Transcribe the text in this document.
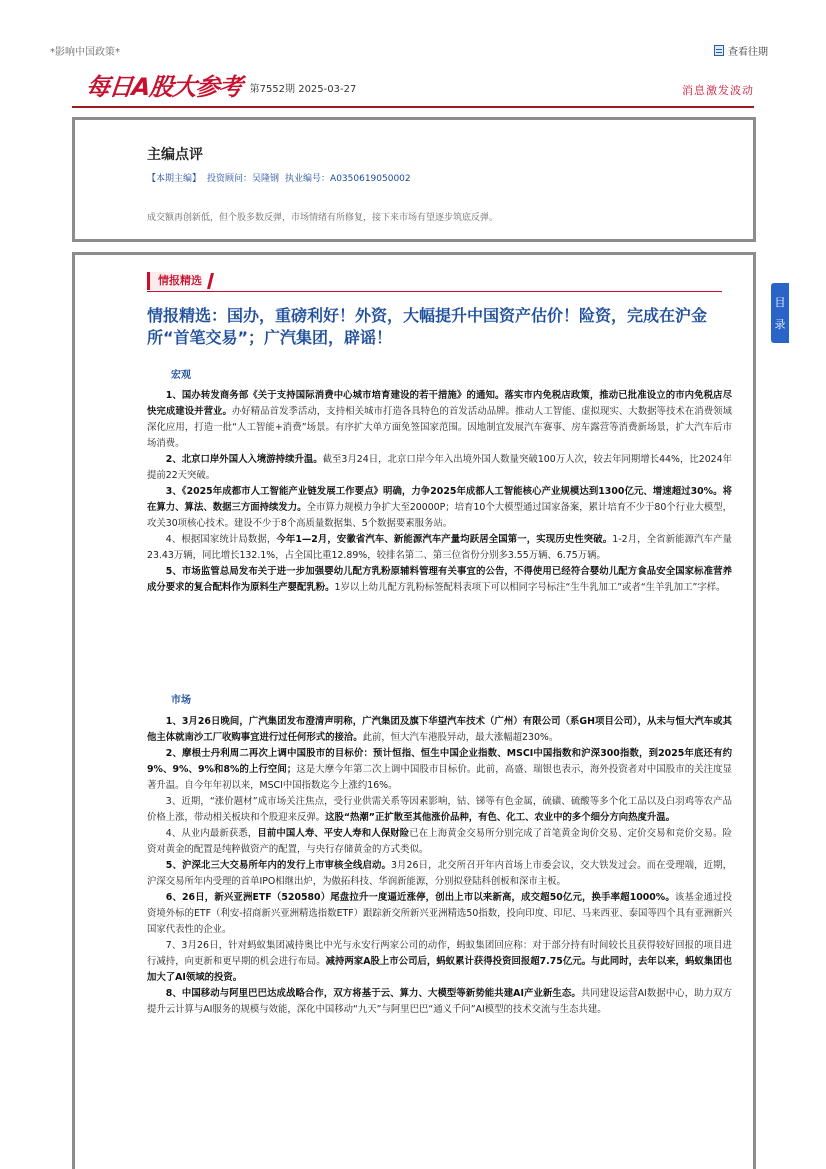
*影响中国政策*	查看往期
每日A股大参考 第7552期 2025-03-27	消息激发波动
主编点评
【本期主编】 投资顾问：吴隆钢 执业编号：A0350619050002
成交额再创新低，但个股多数反弹，市场情绪有所修复，接下来市场有望逐步筑底反弹。
情报精选
情报精选：国办，重磅利好！外资，大幅提升中国资产估价！险资，完成在沪金所“首笔交易”；广汽集团，辟谣！
宏观
1、国办转发商务部《关于支持国际消费中心城市培育建设的若干措施》的通知。落实市内免税店政策，推动已批准设立的市内免税店尽快完成建设并营业。办好精品首发季活动，支持相关城市打造各具特色的首发活动品牌。推动人工智能、虚拟现实、大数据等技术在消费领域深化应用，打造一批“人工智能+消费”场景。有序扩大单方面免签国家范围。因地制宜发展汽车赛事、房车露营等消费新场景，扩大汽车后市场消费。
2、北京口岸外国人入境游持续升温。截至3月24日，北京口岸今年入出境外国人数量突破100万人次，较去年同期增长44%，比2024年提前22天突破。
3、《2025年成都市人工智能产业链发展工作要点》明确，力争2025年成都人工智能核心产业规模达到1300亿元、增速超过30%。将在算力、算法、数据三方面持续发力。全市算力规模力争扩大至20000P；培育10个大模型通过国家备案，累计培育不少于80个行业大模型，攻关30项核心技术。建设不少于8个高质量数据集、5个数据要素服务站。
4、根据国家统计局数据，今年1—2月，安徽省汽车、新能源汽车产量均跃居全国第一，实现历史性突破。1-2月，全省新能源汽车产量23.43万辆，同比增长132.1%，占全国比重12.89%，较排名第二、第三位省份分别多3.55万辆、6.75万辆。
5、市场监管总局发布关于进一步加强婴幼儿配方乳粉原辅料管理有关事宜的公告，不得使用已经符合婴幼儿配方食品安全国家标准营养成分要求的复合配料作为原料生产婴配乳粉。1岁以上幼儿配方乳粉标签配料表项下可以相同字号标注“生牛乳加工”或者“生羊乳加工”字样。
市场
1、3月26日晚间，广汽集团发布澄清声明称，广汽集团及旗下华望汽车技术（广州）有限公司（系GH项目公司），从未与恒大汽车或其他主体就南沙工厂收购事宜进行过任何形式的接洽。此前，恒大汽车港股异动，最大涨幅超230%。
2、摩根士丹利周二再次上调中国股市的目标价：预计恒指、恒生中国企业指数、MSCI中国指数和沪深300指数，到2025年底还有约9%、9%、9%和8%的上行空间；这是大摩今年第二次上调中国股市目标价。此前，高盛、瑞银也表示，海外投资者对中国股市的关注度显著升温。自今年年初以来，MSCI中国指数迄今上涨约16%。
3、近期，“涨价题材”成市场关注焦点，受行业供需关系等因素影响，钴、锑等有色金属，硫磺、硫酸等多个化工品以及白羽鸡等农产品价格上涨，带动相关板块和个股迎来反弹。这股“热潮”正扩散至其他涨价品种，有色、化工、农业中的多个细分方向热度升温。
4、从业内最新获悉，目前中国人寿、平安人寿和人保财险已在上海黄金交易所分别完成了首笔黄金询价交易、定价交易和竞价交易。险资对黄金的配置是纯粹做资产的配置，与央行存储黄金的方式类似。
5、沪深北三大交易所年内的发行上市审核全线启动。3月26日，北交所召开年内首场上市委会议，交大铁发过会。而在受理端，近期，沪深交易所年内受理的首单IPO相继出炉，为傲拓科技、华润新能源，分别拟登陆科创板和深市主板。
6、26日，新兴亚洲ETF（520580）尾盘拉升一度逼近涨停，创出上市以来新高，成交超50亿元，换手率超1000%。该基金通过投资境外标的ETF（利安-招商新兴亚洲精选指数ETF）跟踪新交所新兴亚洲精选50指数，投向印度、印尼、马来西亚、泰国等四个具有亚洲新兴国家代表性的企业。
7、3月26日，针对蚂蚁集团减持奥比中光与永安行两家公司的动作，蚂蚁集团回应称：对于部分持有时间较长且获得较好回报的项目进行减持，向更新和更早期的机会进行布局。减持两家A股上市公司后，蚂蚁累计获得投资回报超7.75亿元。与此同时，去年以来，蚂蚁集团也加大了AI领域的投资。
8、中国移动与阿里巴巴达成战略合作，双方将基于云、算力、大模型等新势能共建AI产业新生态。共同建设运营AI数据中心，助力双方提升云计算与AI服务的规模与效能，深化中国移动“九天”与阿里巴巴“通义千问”AI模型的技术交流与生态共建。
目
录
